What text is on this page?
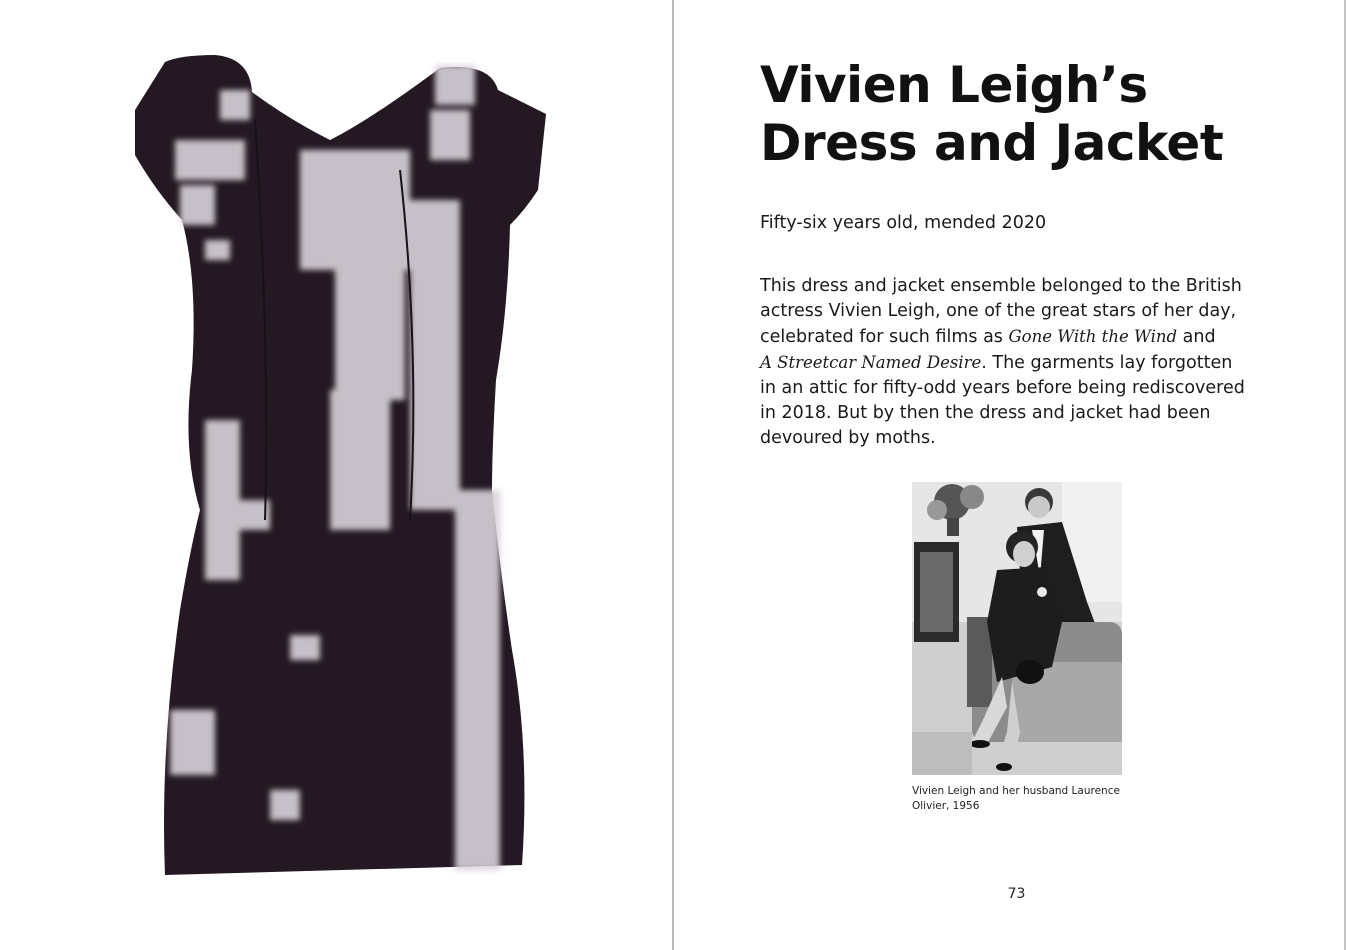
Vivien Leigh’s
Dress and Jacket

Fifty-six years old, mended 2020

This dress and jacket ensemble belonged to the British
actress Vivien Leigh, one of the great stars of her day,
celebrated for such films as Gone With the Wind and
A Streetcar Named Desire. The garments lay forgotten
in an attic for fifty-odd years before being rediscovered
in 2018. But by then the dress and jacket had been
devoured by moths.

Vivien Leigh and her husband Laurence
Olivier, 1956

73
